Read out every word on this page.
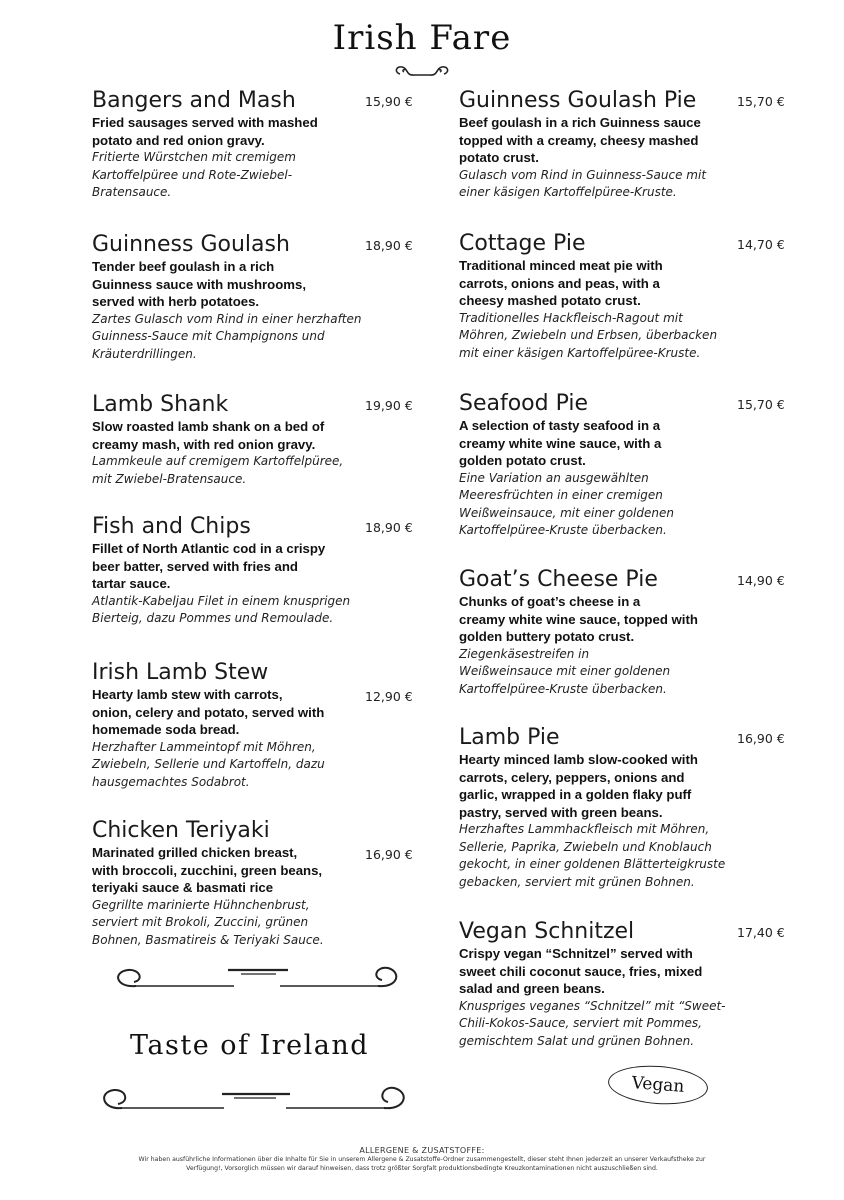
Irish Fare
Bangers and Mash	15,90 €
Fried sausages served with mashed
potato and red onion gravy.
Fritierte Würstchen mit cremigem
Kartoffelpüree und Rote-Zwiebel-
Bratensauce.
Guinness Goulash	18,90 €
Tender beef goulash in a rich
Guinness sauce with mushrooms,
served with herb potatoes.
Zartes Gulasch vom Rind in einer herzhaften
Guinness-Sauce mit Champignons und
Kräuterdrillingen.
Lamb Shank	19,90 €
Slow roasted lamb shank on a bed of
creamy mash, with red onion gravy.
Lammkeule auf cremigem Kartoffelpüree,
mit Zwiebel-Bratensauce.
Fish and Chips	18,90 €
Fillet of North Atlantic cod in a crispy
beer batter, served with fries and
tartar sauce.
Atlantik-Kabeljau Filet in einem knusprigen
Bierteig, dazu Pommes und Remoulade.
Irish Lamb Stew
12,90 €
Hearty lamb stew with carrots,
onion, celery and potato, served with
homemade soda bread.
Herzhafter Lammeintopf mit Möhren,
Zwiebeln, Sellerie und Kartoffeln, dazu
hausgemachtes Sodabrot.
Chicken Teriyaki
16,90 €
Marinated grilled chicken breast,
with broccoli, zucchini, green beans,
teriyaki sauce & basmati rice
Gegrillte marinierte Hühnchenbrust,
serviert mit Brokoli, Zuccini, grünen
Bohnen, Basmatireis & Teriyaki Sauce.
Guinness Goulash Pie	15,70 €
Beef goulash in a rich Guinness sauce
topped with a creamy, cheesy mashed
potato crust.
Gulasch vom Rind in Guinness-Sauce mit
einer käsigen Kartoffelpüree-Kruste.
Cottage Pie	14,70 €
Traditional minced meat pie with
carrots, onions and peas, with a
cheesy mashed potato crust.
Traditionelles Hackfleisch-Ragout mit
Möhren, Zwiebeln und Erbsen, überbacken
mit einer käsigen Kartoffelpüree-Kruste.
Seafood Pie	15,70 €
A selection of tasty seafood in a
creamy white wine sauce, with a
golden potato crust.
Eine Variation an ausgewählten
Meeresfrüchten in einer cremigen
Weißweinsauce, mit einer goldenen
Kartoffelpüree-Kruste überbacken.
Goat’s Cheese Pie	14,90 €
Chunks of goat’s cheese in a
creamy white wine sauce, topped with
golden buttery potato crust.
Ziegenkäsestreifen in
Weißweinsauce mit einer goldenen
Kartoffelpüree-Kruste überbacken.
Lamb Pie	16,90 €
Hearty minced lamb slow-cooked with
carrots, celery, peppers, onions and
garlic, wrapped in a golden flaky puff
pastry, served with green beans.
Herzhaftes Lammhackfleisch mit Möhren,
Sellerie, Paprika, Zwiebeln und Knoblauch
gekocht, in einer goldenen Blätterteigkruste
gebacken, serviert mit grünen Bohnen.
Vegan Schnitzel	17,40 €
Crispy vegan “Schnitzel” served with
sweet chili coconut sauce, fries, mixed
salad and green beans.
Knuspriges veganes “Schnitzel” mit “Sweet-
Chili-Kokos-Sauce, serviert mit Pommes,
gemischtem Salat und grünen Bohnen.
Taste of Ireland
Vegan
ALLERGENE & ZUSATSTOFFE:
Wir haben ausführliche Informationen über die Inhalte für Sie in unserem Allergene & Zusatstoffe-Ordner zusammengestellt, dieser steht Ihnen jederzeit an unserer Verkaufstheke zur
Verfügung!, Vorsorglich müssen wir darauf hinweisen, dass trotz größter Sorgfalt produktionsbedingte Kreuzkontaminationen nicht auszuschließen sind.
